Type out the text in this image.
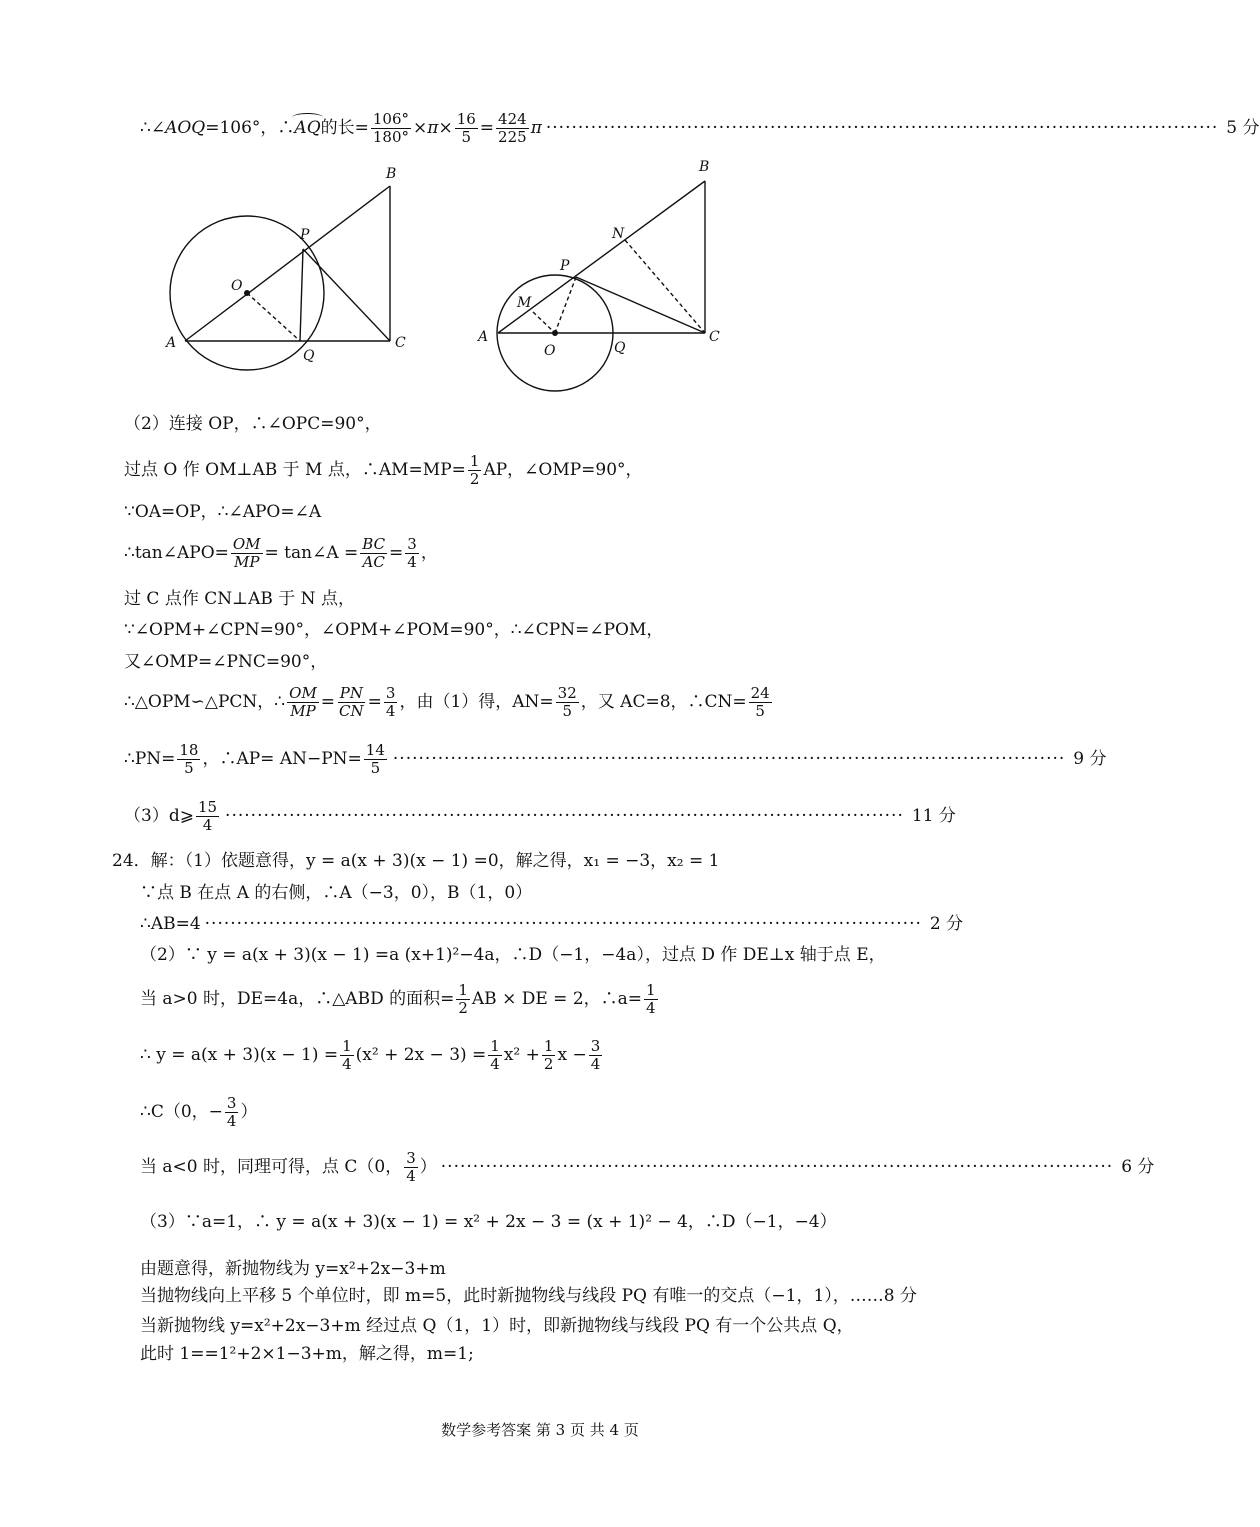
∴∠ AOQ =106°，∴ AQ 的长= $\frac{106^\circ}{180^\circ} \times\pi\times \frac{16}{5} = \frac{424}{225}$ π ········································································································· 5 分
B
P
O
A
Q
C
B
N
P
M
A
O	Q
C
（2）连接 OP，∴∠OPC=90°，
过点 O 作 OM⊥AB 于 M 点，∴AM=MP= $\frac{1}{2}$ AP，∠OMP=90°，
∵OA=OP，∴∠APO=∠A
∴tan∠APO= $\frac{OM}{MP}$ = tan∠A = $\frac{BC}{AC} = \frac{3}{4}$ ，
过 C 点作 CN⊥AB 于 N 点，
∵∠OPM+∠CPN=90°，∠OPM+∠POM=90°，∴∠CPN=∠POM，
又∠OMP=∠PNC=90°，
∴△OPM∽△PCN，∴ $\frac{OM}{MP} = \frac{PN}{CN} = \frac{3}{4}$ ，由（1）得，$AN= \frac{32}{5}$ ，又 AC=8，∴CN= $\frac{24}{5}$
∴PN= $\frac{18}{5}$ ，∴AP= $AN-PN= \frac{14}{5}$ ········································································································· 9 分
（3）d⩾ $\frac{15}{4}$ ·········································································································· 11 分
24．解：（1）依题意得，y = a(x + 3)(x − 1) =0，解之得，x₁ = −3，x₂ = 1
∵点 B 在点 A 的右侧，∴A（−3，0），B（1，0）
∴AB=4 ················································································································ 2 分
（2）∵ y = a(x + 3)(x − 1) =a (x+1)²−4a，∴D（−1，−4a），过点 D 作 DE⊥x 轴于点 E，
当 a>0 时，DE=4a，∴△ABD 的面积= $\frac{1}{2}$ AB × DE = 2，∴a= $\frac{1}{4}$
∴ $y = a(x + 3)(x - 1) = \frac{1}{4} (x^2 + 2x - 3) = \frac{1}{4} x^2 + \frac{1}{2}$ $x - \frac{3}{4}$
∴C（0，− $\frac{3}{4}$ ）
当 a<0 时，同理可得，点 C（0， $\frac{3}{4}$ ） ········································································································· 6 分
（3）∵a=1，∴ y = a(x + 3)(x − 1) = x² + 2x − 3 = (x + 1)² − 4，∴D（−1，−4）
由题意得，新抛物线为 y=x²+2x−3+m
当抛物线向上平移 5 个单位时，即 m=5，此时新抛物线与线段 PQ 有唯一的交点（−1，1），……8 分
当新抛物线 y=x²+2x−3+m 经过点 Q（1，1）时，即新抛物线与线段 PQ 有一个公共点 Q，
此时 1==1²+2×1−3+m，解之得，m=1;
数学参考答案 第 3 页 共 4 页
